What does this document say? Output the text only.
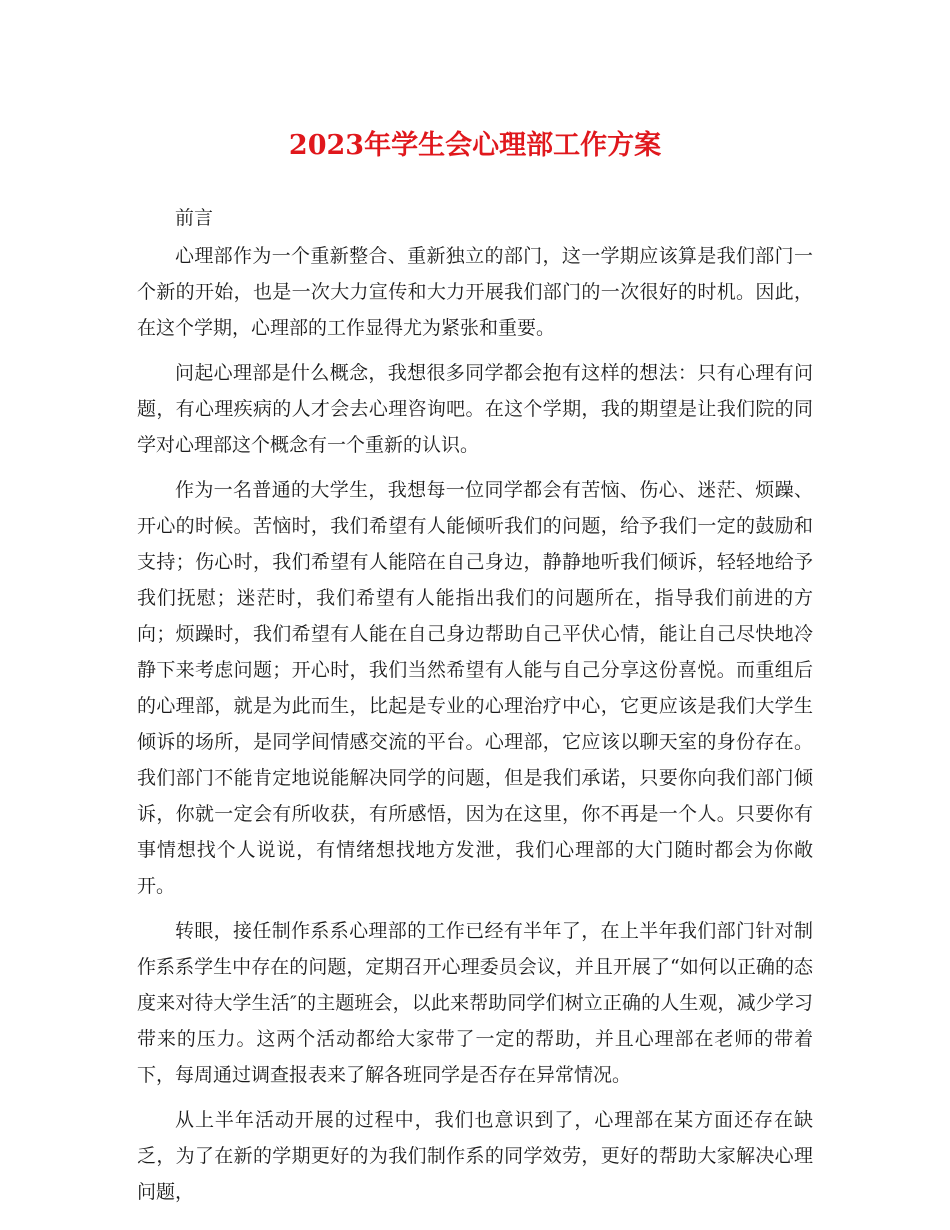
2023年学生会心理部工作方案

前言

心理部作为一个重新整合、重新独立的部门，这一学期应该算是我们部门一个新的开始，也是一次大力宣传和大力开展我们部门的一次很好的时机。因此，在这个学期，心理部的工作显得尤为紧张和重要。

问起心理部是什么概念，我想很多同学都会抱有这样的想法：只有心理有问题，有心理疾病的人才会去心理咨询吧。在这个学期，我的期望是让我们院的同学对心理部这个概念有一个重新的认识。

作为一名普通的大学生，我想每一位同学都会有苦恼、伤心、迷茫、烦躁、开心的时候。苦恼时，我们希望有人能倾听我们的问题，给予我们一定的鼓励和支持；伤心时，我们希望有人能陪在自己身边，静静地听我们倾诉，轻轻地给予我们抚慰；迷茫时，我们希望有人能指出我们的问题所在，指导我们前进的方向；烦躁时，我们希望有人能在自己身边帮助自己平伏心情，能让自己尽快地冷静下来考虑问题；开心时，我们当然希望有人能与自己分享这份喜悦。而重组后的心理部，就是为此而生，比起是专业的心理治疗中心，它更应该是我们大学生倾诉的场所，是同学间情感交流的平台。心理部，它应该以聊天室的身份存在。我们部门不能肯定地说能解决同学的问题，但是我们承诺，只要你向我们部门倾诉，你就一定会有所收获，有所感悟，因为在这里，你不再是一个人。只要你有事情想找个人说说，有情绪想找地方发泄，我们心理部的大门随时都会为你敞开。

转眼，接任制作系系心理部的工作已经有半年了，在上半年我们部门针对制作系系学生中存在的问题，定期召开心理委员会议，并且开展了“如何以正确的态度来对待大学生活″的主题班会，以此来帮助同学们树立正确的人生观，减少学习带来的压力。这两个活动都给大家带了一定的帮助，并且心理部在老师的带着下，每周通过调查报表来了解各班同学是否存在异常情况。

从上半年活动开展的过程中，我们也意识到了，心理部在某方面还存在缺乏，为了在新的学期更好的为我们制作系的同学效劳，更好的帮助大家解决心理问题，
